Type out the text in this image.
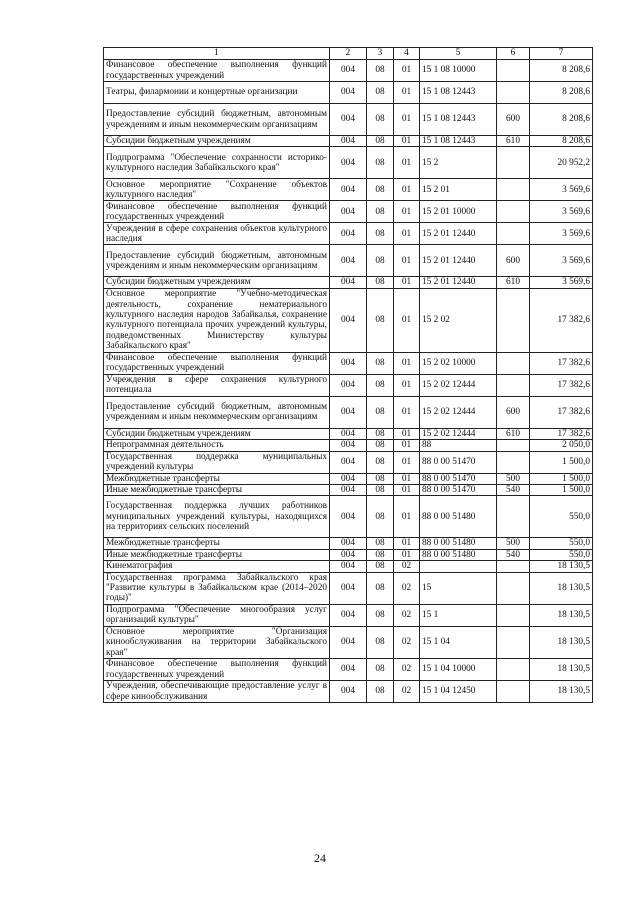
1	2	3	4	5	6	7
Финансовое обеспечение выполнения функций государственных учреждений	004	08	01	15 1 08 10000		8 208,6
Театры, филармонии и концертные организации	004	08	01	15 1 08 12443		8 208,6
Предоставление субсидий бюджетным, автономным учреждениям и иным некоммерческим организациям	004	08	01	15 1 08 12443	600	8 208,6
Субсидии бюджетным учреждениям	004	08	01	15 1 08 12443	610	8 208,6
Подпрограмма "Обеспечение сохранности историко-культурного наследия Забайкальского края"	004	08	01	15 2		20 952,2
Основное мероприятие "Сохранение объектов культурного наследия"	004	08	01	15 2 01		3 569,6
Финансовое обеспечение выполнения функций государственных учреждений	004	08	01	15 2 01 10000		3 569,6
Учреждения в сфере сохранения объектов культурного наследия	004	08	01	15 2 01 12440		3 569,6
Предоставление субсидий бюджетным, автономным учреждениям и иным некоммерческим организациям	004	08	01	15 2 01 12440	600	3 569,6
Субсидии бюджетным учреждениям	004	08	01	15 2 01 12440	610	3 569,6
Основное мероприятие "Учебно-методическая деятельность, сохранение нематериального культурного наследия народов Забайкалья, сохранение культурного потенциала прочих учреждений культуры, подведомственных Министерству культуры Забайкальского края"	004	08	01	15 2 02		17 382,6
Финансовое обеспечение выполнения функций государственных учреждений	004	08	01	15 2 02 10000		17 382,6
Учреждения в сфере сохранения культурного потенциала	004	08	01	15 2 02 12444		17 382,6
Предоставление субсидий бюджетным, автономным учреждениям и иным некоммерческим организациям	004	08	01	15 2 02 12444	600	17 382,6
Субсидии бюджетным учреждениям	004	08	01	15 2 02 12444	610	17 382,6
Непрограммная деятельность	004	08	01	88		2 050,0
Государственная поддержка муниципальных учреждений культуры	004	08	01	88 0 00 51470		1 500,0
Межбюджетные трансферты	004	08	01	88 0 00 51470	500	1 500,0
Иные межбюджетные трансферты	004	08	01	88 0 00 51470	540	1 500,0
Государственная поддержка лучших работников муниципальных учреждений культуры, находящихся на территориях сельских поселений	004	08	01	88 0 00 51480		550,0
Межбюджетные трансферты	004	08	01	88 0 00 51480	500	550,0
Иные межбюджетные трансферты	004	08	01	88 0 00 51480	540	550,0
Кинематография	004	08	02			18 130,5
Государственная программа Забайкальского края "Развитие культуры в Забайкальском крае (2014–2020 годы)"	004	08	02	15		18 130,5
Подпрограмма "Обеспечение многообразия услуг организаций культуры"	004	08	02	15 1		18 130,5
Основное мероприятие "Организация кинообслуживания на территории Забайкальского края"	004	08	02	15 1 04		18 130,5
Финансовое обеспечение выполнения функций государственных учреждений	004	08	02	15 1 04 10000		18 130,5
Учреждения, обеспечивающие предоставление услуг в сфере кинообслуживания	004	08	02	15 1 04 12450		18 130,5
24
